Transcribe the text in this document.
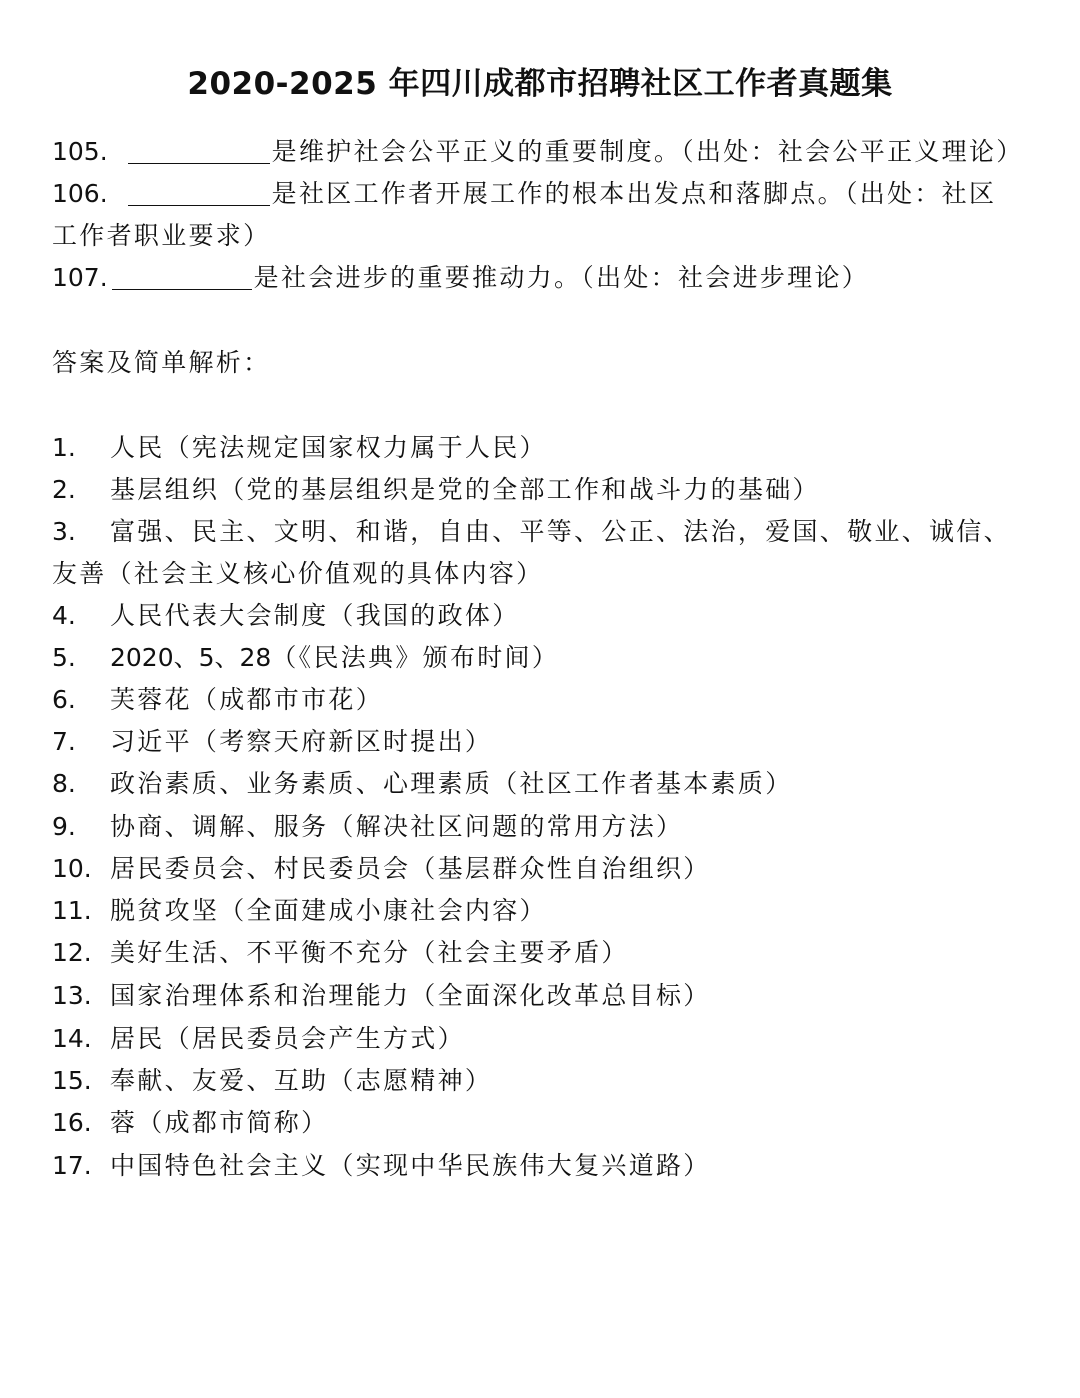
2020-2025 年四川成都市招聘社区工作者真题集
105.	是维护社会公平正义的重要制度。（出处：社会公平正义理论）
106.	是社区工作者开展工作的根本出发点和落脚点。（出处：社区
工作者职业要求）
107.	是社会进步的重要推动力。（出处：社会进步理论）
答案及简单解析：
1. 人民（宪法规定国家权力属于人民）
2. 基层组织（党的基层组织是党的全部工作和战斗力的基础）
3. 富强、民主、文明、和谐，自由、平等、公正、法治，爱国、敬业、诚信、
友善（社会主义核心价值观的具体内容）
4. 人民代表大会制度（我国的政体）
5. 2020、5、28（《民法典》颁布时间）
6. 芙蓉花（成都市市花）
7. 习近平（考察天府新区时提出）
8. 政治素质、业务素质、心理素质（社区工作者基本素质）
9. 协商、调解、服务（解决社区问题的常用方法）
10. 居民委员会、村民委员会（基层群众性自治组织）
11. 脱贫攻坚（全面建成小康社会内容）
12. 美好生活、不平衡不充分（社会主要矛盾）
13. 国家治理体系和治理能力（全面深化改革总目标）
14. 居民（居民委员会产生方式）
15. 奉献、友爱、互助（志愿精神）
16. 蓉（成都市简称）
17. 中国特色社会主义（实现中华民族伟大复兴道路）
